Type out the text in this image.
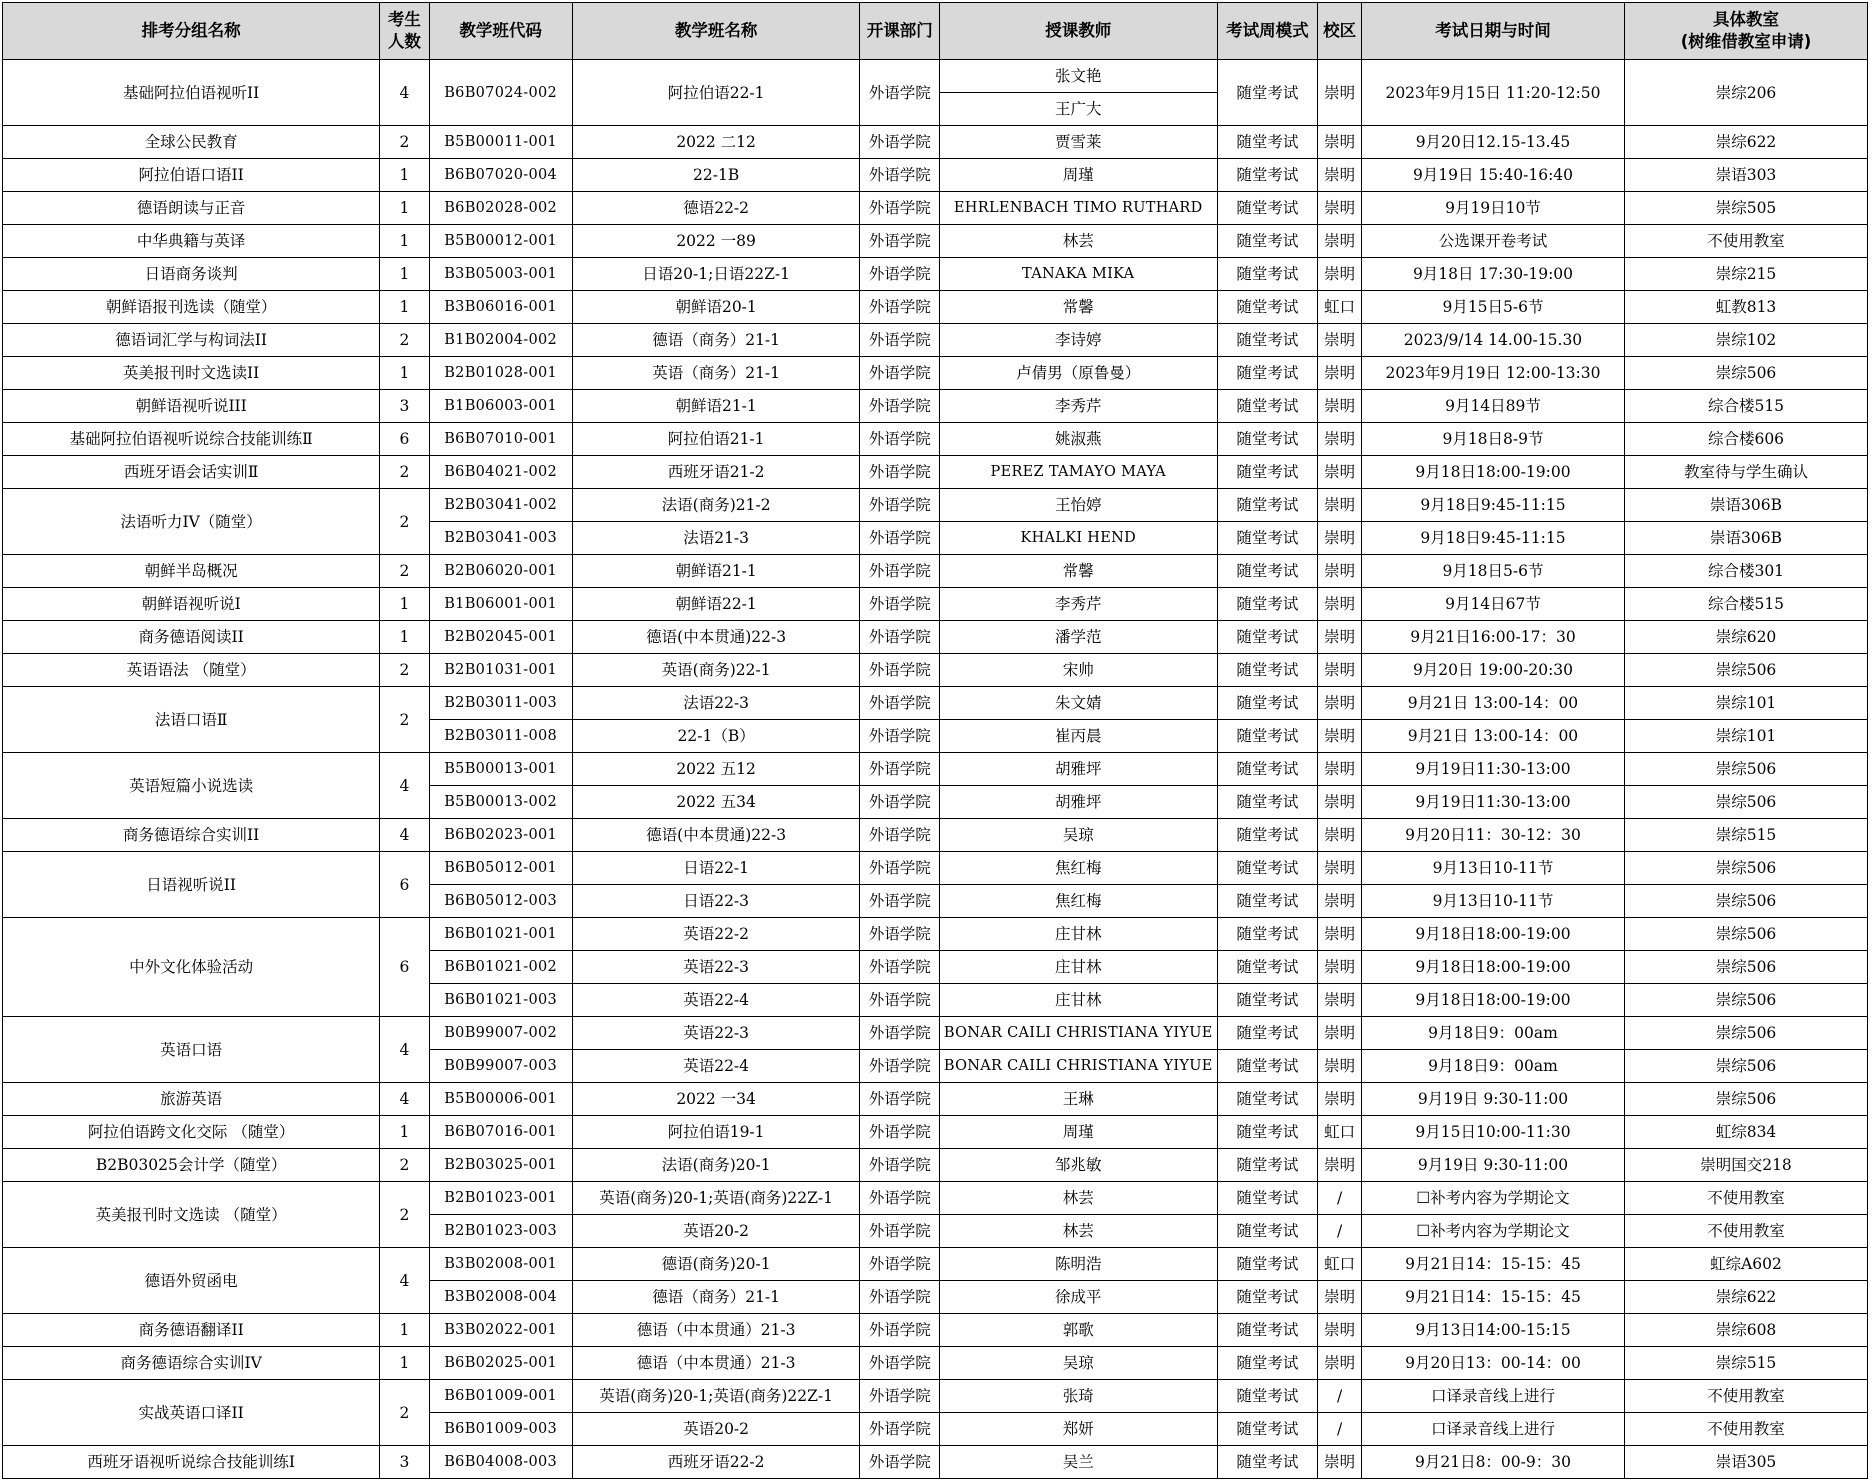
排考分组名称	考生
人数	教学班代码	教学班名称	开课部门	授课教师	考试周模式	校区	考试日期与时间	具体教室
(树维借教室申请)
基础阿拉伯语视听II	4	B6B07024-002	阿拉伯语22-1	外语学院	张文艳	随堂考试	崇明	2023年9月15日 11:20-12:50	崇综206
					王广大				
全球公民教育	2	B5B00011-001	2022 二12	外语学院	贾雪莱	随堂考试	崇明	9月20日12.15-13.45	崇综622
阿拉伯语口语II	1	B6B07020-004	22-1B	外语学院	周瑾	随堂考试	崇明	9月19日 15:40-16:40	崇语303
德语朗读与正音	1	B6B02028-002	德语22-2	外语学院	EHRLENBACH TIMO RUTHARD	随堂考试	崇明	9月19日10节	崇综505
中华典籍与英译	1	B5B00012-001	2022 一89	外语学院	林芸	随堂考试	崇明	公选课开卷考试	不使用教室
日语商务谈判	1	B3B05003-001	日语20-1;日语22Z-1	外语学院	TANAKA MIKA	随堂考试	崇明	9月18日 17:30-19:00	崇综215
朝鲜语报刊选读（随堂）	1	B3B06016-001	朝鲜语20-1	外语学院	常馨	随堂考试	虹口	9月15日5-6节	虹教813
德语词汇学与构词法II	2	B1B02004-002	德语（商务）21-1	外语学院	李诗婷	随堂考试	崇明	2023/9/14 14.00-15.30	崇综102
英美报刊时文选读II	1	B2B01028-001	英语（商务）21-1	外语学院	卢倩男（原鲁曼）	随堂考试	崇明	2023年9月19日 12:00-13:30	崇综506
朝鲜语视听说III	3	B1B06003-001	朝鲜语21-1	外语学院	李秀芹	随堂考试	崇明	9月14日89节	综合楼515
基础阿拉伯语视听说综合技能训练Ⅱ	6	B6B07010-001	阿拉伯语21-1	外语学院	姚淑燕	随堂考试	崇明	9月18日8-9节	综合楼606
西班牙语会话实训Ⅱ	2	B6B04021-002	西班牙语21-2	外语学院	PEREZ TAMAYO MAYA	随堂考试	崇明	9月18日18:00-19:00	教室待与学生确认
法语听力IV（随堂）	2	B2B03041-002	法语(商务)21-2	外语学院	王怡婷	随堂考试	崇明	9月18日9:45-11:15	崇语306B
		B2B03041-003	法语21-3	外语学院	KHALKI HEND	随堂考试	崇明	9月18日9:45-11:15	崇语306B
朝鲜半岛概况	2	B2B06020-001	朝鲜语21-1	外语学院	常馨	随堂考试	崇明	9月18日5-6节	综合楼301
朝鲜语视听说Ⅰ	1	B1B06001-001	朝鲜语22-1	外语学院	李秀芹	随堂考试	崇明	9月14日67节	综合楼515
商务德语阅读II	1	B2B02045-001	德语(中本贯通)22-3	外语学院	潘学范	随堂考试	崇明	9月21日16:00-17：30	崇综620
英语语法 （随堂）	2	B2B01031-001	英语(商务)22-1	外语学院	宋帅	随堂考试	崇明	9月20日 19:00-20:30	崇综506
法语口语Ⅱ	2	B2B03011-003	法语22-3	外语学院	朱文婧	随堂考试	崇明	9月21日 13:00-14：00	崇综101
		B2B03011-008	22-1（B）	外语学院	崔丙晨	随堂考试	崇明	9月21日 13:00-14：00	崇综101
英语短篇小说选读	4	B5B00013-001	2022 五12	外语学院	胡雅坪	随堂考试	崇明	9月19日11:30-13:00	崇综506
		B5B00013-002	2022 五34	外语学院	胡雅坪	随堂考试	崇明	9月19日11:30-13:00	崇综506
商务德语综合实训II	4	B6B02023-001	德语(中本贯通)22-3	外语学院	吴琼	随堂考试	崇明	9月20日11：30-12：30	崇综515
日语视听说II	6	B6B05012-001	日语22-1	外语学院	焦红梅	随堂考试	崇明	9月13日10-11节	崇综506
		B6B05012-003	日语22-3	外语学院	焦红梅	随堂考试	崇明	9月13日10-11节	崇综506
中外文化体验活动	6	B6B01021-001	英语22-2	外语学院	庄甘林	随堂考试	崇明	9月18日18:00-19:00	崇综506
		B6B01021-002	英语22-3	外语学院	庄甘林	随堂考试	崇明	9月18日18:00-19:00	崇综506
		B6B01021-003	英语22-4	外语学院	庄甘林	随堂考试	崇明	9月18日18:00-19:00	崇综506
英语口语	4	B0B99007-002	英语22-3	外语学院	BONAR CAILI CHRISTIANA YIYUE	随堂考试	崇明	9月18日9：00am	崇综506
		B0B99007-003	英语22-4	外语学院	BONAR CAILI CHRISTIANA YIYUE	随堂考试	崇明	9月18日9：00am	崇综506
旅游英语	4	B5B00006-001	2022 一34	外语学院	王琳	随堂考试	崇明	9月19日 9:30-11:00	崇综506
阿拉伯语跨文化交际 （随堂）	1	B6B07016-001	阿拉伯语19-1	外语学院	周瑾	随堂考试	虹口	9月15日10:00-11:30	虹综834
B2B03025会计学（随堂）	2	B2B03025-001	法语(商务)20-1	外语学院	邹兆敏	随堂考试	崇明	9月19日 9:30-11:00	崇明国交218
英美报刊时文选读 （随堂）	2	B2B01023-001	英语(商务)20-1;英语(商务)22Z-1	外语学院	林芸	随堂考试	/	☐补考内容为学期论文	不使用教室
		B2B01023-003	英语20-2	外语学院	林芸	随堂考试	/	☐补考内容为学期论文	不使用教室
德语外贸函电	4	B3B02008-001	德语(商务)20-1	外语学院	陈明浩	随堂考试	虹口	9月21日14：15-15：45	虹综A602
		B3B02008-004	德语（商务）21-1	外语学院	徐成平	随堂考试	崇明	9月21日14：15-15：45	崇综622
商务德语翻译II	1	B3B02022-001	德语（中本贯通）21-3	外语学院	郭歌	随堂考试	崇明	9月13日14:00-15:15	崇综608
商务德语综合实训IV	1	B6B02025-001	德语（中本贯通）21-3	外语学院	吴琼	随堂考试	崇明	9月20日13：00-14：00	崇综515
实战英语口译II	2	B6B01009-001	英语(商务)20-1;英语(商务)22Z-1	外语学院	张琦	随堂考试	/	口译录音线上进行	不使用教室
		B6B01009-003	英语20-2	外语学院	郑妍	随堂考试	/	口译录音线上进行	不使用教室
西班牙语视听说综合技能训练I	3	B6B04008-003	西班牙语22-2	外语学院	吴兰	随堂考试	崇明	9月21日8：00-9：30	崇语305
